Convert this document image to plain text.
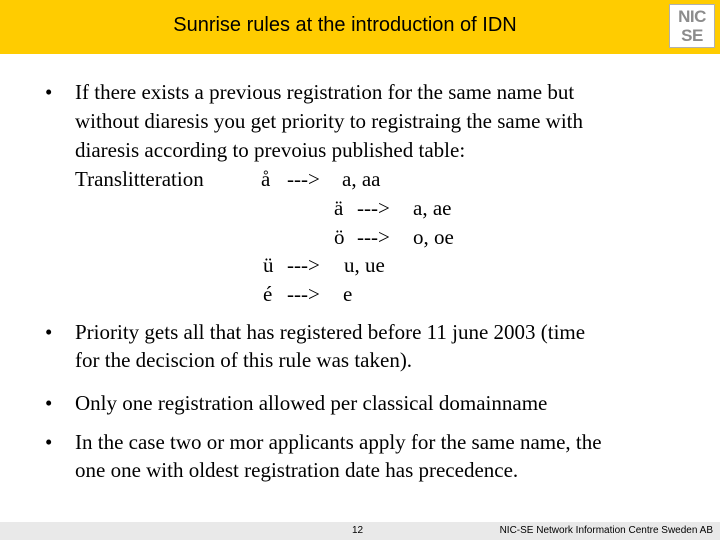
Sunrise rules at the introduction of IDN	NIC
SE
• If there exists a previous registration for the same name but
without diaresis you get priority to registraing the same with
diaresis according to prevoius published table:
Translitteration	å ---> a, aa
ä ---> a, ae
ö ---> o, oe
ü ---> u, ue
é ---> e
• Priority gets all that has registered before 11 june 2003 (time
for the deciscion of this rule was taken).
• Only one registration allowed per classical domainname
• In the case two or mor applicants apply for the same name, the
one one with oldest registration date has precedence.
12	NIC-SE Network Information Centre Sweden AB
